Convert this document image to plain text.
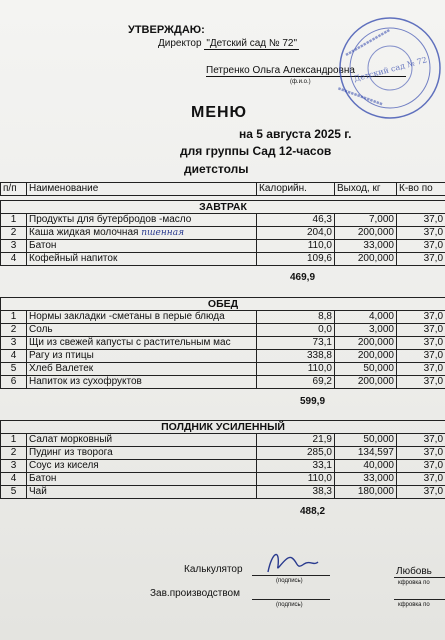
УТВЕРЖДАЮ:
Директор "Детский сад № 72"
Петренко Ольга Александровна
(ф.и.о.)
▪▪▪▪▪▪▪▪▪▪▪▪▪▪▪
▪▪▪▪▪▪▪▪▪▪▪▪▪▪
Детский сад № 72
МЕНЮ
на 5 августа 2025 г.
для группы Сад 12-часов
диетстолы
п/п	Наименование	Калорийн.	Выход, кг	К-во по
ЗАВТРАК				
1	Продукты для бутербродов -масло	46,3	7,000	37,0
2	Каша жидкая молочная пшенная	204,0	200,000	37,0
3	Батон	110,0	33,000	37,0
4	Кофейный напиток	109,6	200,000	37,0
469,9
ОБЕД				
1	Нормы закладки -сметаны в перые блюда	8,8	4,000	37,0
2	Соль	0,0	3,000	37,0
3	Щи из свежей капусты с растительным мас	73,1	200,000	37,0
4	Рагу из птицы	338,8	200,000	37,0
5	Хлеб Валетек	110,0	50,000	37,0
6	Напиток из сухофруктов	69,2	200,000	37,0
599,9
ПОЛДНИК УСИЛЕННЫЙ				
1	Салат морковный	21,9	50,000	37,0
2	Пудинг из творога	285,0	134,597	37,0
3	Соус из киселя	33,1	40,000	37,0
4	Батон	110,0	33,000	37,0
5	Чай	38,3	180,000	37,0
488,2
Калькулятор
(подпись)
Любовь
кфровка по
Зав.производством
(подпись)	кфровка по
